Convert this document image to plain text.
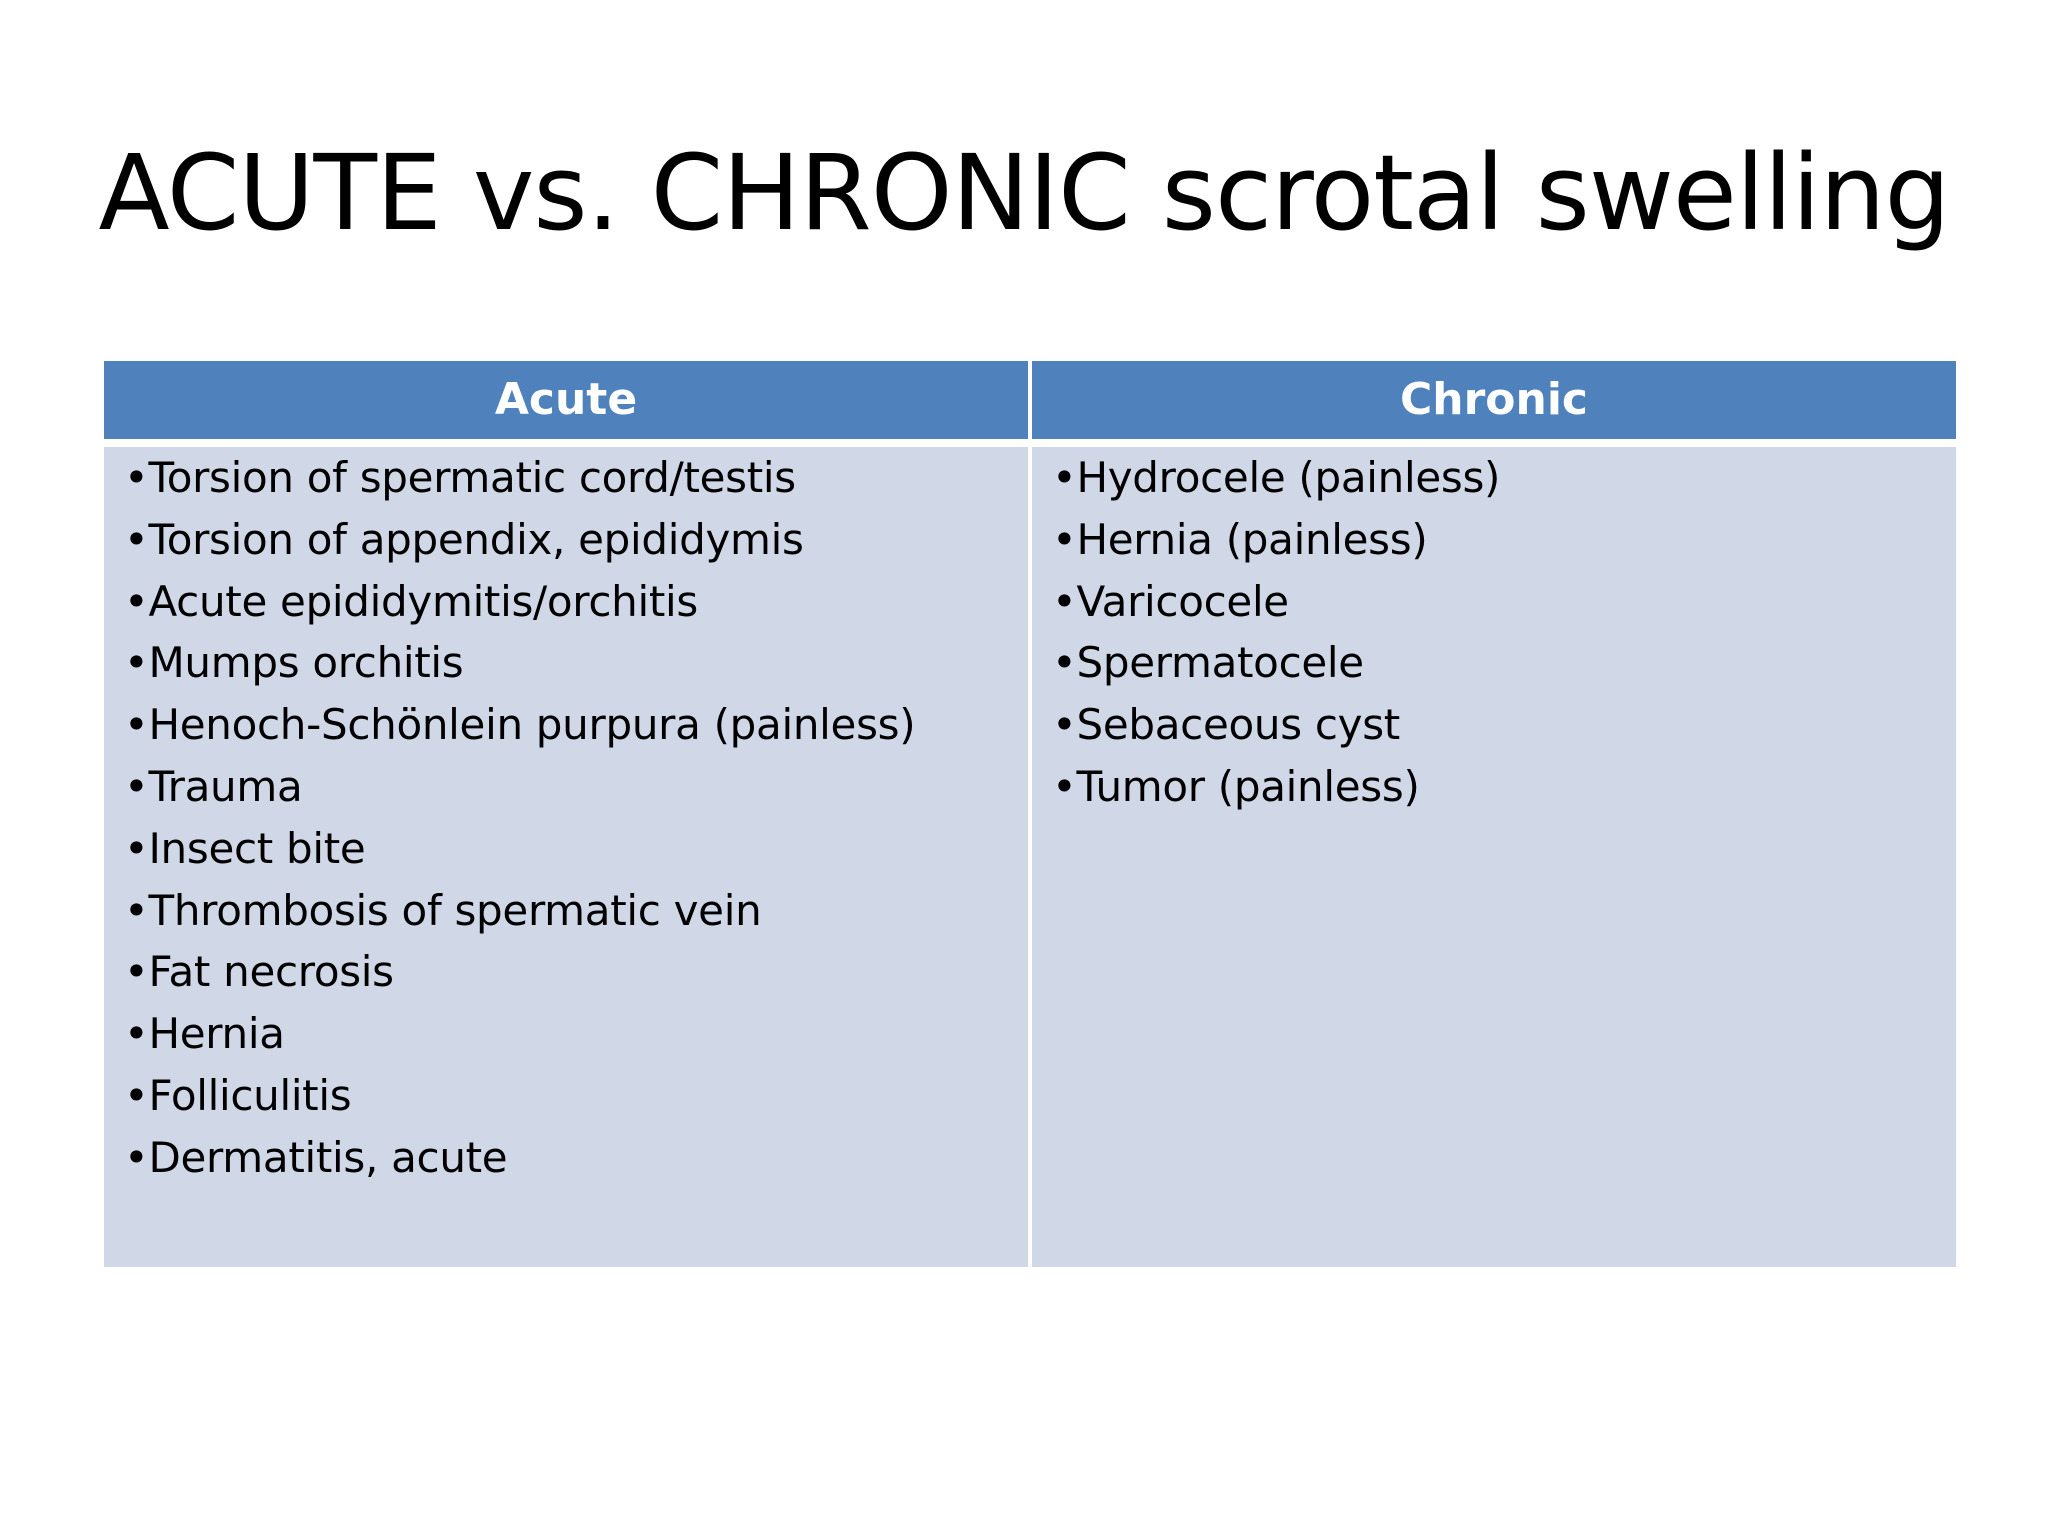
ACUTE vs. CHRONIC scrotal swelling
Acute
•Torsion of spermatic cord/testis
•Torsion of appendix, epididymis
•Acute epididymitis/orchitis
•Mumps orchitis
•Henoch-Schönlein purpura (painless)
•Trauma
•Insect bite
•Thrombosis of spermatic vein
•Fat necrosis
•Hernia
•Folliculitis
•Dermatitis, acute
Chronic
•Hydrocele (painless)
•Hernia (painless)
•Varicocele
•Spermatocele
•Sebaceous cyst
•Tumor (painless)
